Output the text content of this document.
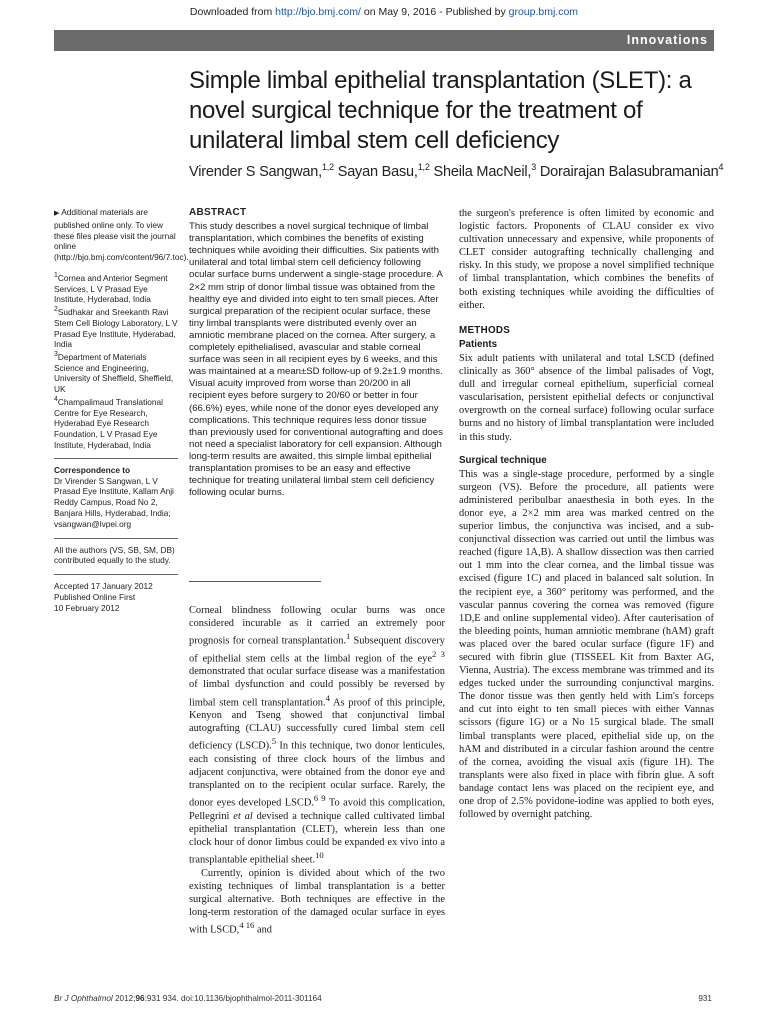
Downloaded from http://bjo.bmj.com/ on May 9, 2016 - Published by group.bmj.com
Innovations
Simple limbal epithelial transplantation (SLET): a novel surgical technique for the treatment of unilateral limbal stem cell deficiency
Virender S Sangwan,$^{1,2}$ Sayan Basu,$^{1,2}$ Sheila MacNeil,$^3$ Dorairajan Balasubramanian$^4$

▶ Additional materials are published online only. To view these files please visit the journal online (http://bjo.bmj.com/content/96/7.toc).

$^1$Cornea and Anterior Segment Services, L V Prasad Eye Institute, Hyderabad, India

$^2$Sudhakar and Sreekanth Ravi Stem Cell Biology Laboratory, L V Prasad Eye Institute, Hyderabad, India

$^3$Department of Materials Science and Engineering, University of Sheffield, Sheffield, UK

$^4$Champalimaud Translational Centre for Eye Research, Hyderabad Eye Research Foundation, L V Prasad Eye Institute, Hyderabad, India

Correspondence to

Dr Virender S Sangwan, L V Prasad Eye Institute, Kallam Anji Reddy Campus, Road No 2, Banjara Hills, Hyderabad, India; vsangwan@lvpei.org

All the authors (VS, SB, SM, DB) contributed equally to the study.

Accepted 17 January 2012

Published Online First

10 February 2012

ABSTRACT

This study describes a novel surgical technique of limbal transplantation, which combines the benefits of existing techniques while avoiding their difficulties. Six patients with unilateral and total limbal stem cell deficiency following ocular surface burns underwent a single-stage procedure. A 2×2 mm strip of donor limbal tissue was obtained from the healthy eye and divided into eight to ten small pieces. After surgical preparation of the recipient ocular surface, these tiny limbal transplants were distributed evenly over an amniotic membrane placed on the cornea. After surgery, a completely epithelialised, avascular and stable corneal surface was seen in all recipient eyes by 6 weeks, and this was maintained at a mean±SD follow-up of 9.2±1.9 months. Visual acuity improved from worse than 20/200 in all recipient eyes before surgery to 20/60 or better in four (66.6%) eyes, while none of the donor eyes developed any complications. This technique requires less donor tissue than previously used for conventional autografting and does not need a specialist laboratory for cell expansion. Although long-term results are awaited, this simple limbal epithelial transplantation promises to be an easy and effective technique for treating unilateral limbal stem cell deficiency following ocular burns.

Corneal blindness following ocular burns was once considered incurable as it carried an extremely poor prognosis for corneal transplantation.$^1$ Subsequent discovery of epithelial stem cells at the limbal region of the eye$^{2 3}$ demonstrated that ocular surface disease was a manifestation of limbal dysfunction and could possibly be reversed by limbal stem cell transplantation.$^4$ As proof of this principle, Kenyon and Tseng showed that conjunctival limbal autografting (CLAU) successfully cured limbal stem cell deficiency (LSCD).$^5$ In this technique, two donor lenticules, each consisting of three clock hours of the limbus and adjacent conjunctiva, were obtained from the donor eye and transplanted on to the recipient ocular surface. Rarely, the donor eyes developed LSCD.$^{6 9}$ To avoid this complication, Pellegrini et al devised a technique called cultivated limbal epithelial transplantation (CLET), wherein less than one clock hour of donor limbus could be expanded ex vivo into a transplantable epithelial sheet.$^{10}$

Currently, opinion is divided about which of the two existing techniques of limbal transplantation is a better surgical alternative. Both techniques are effective in the long-term restoration of the damaged ocular surface in eyes with LSCD,$^{4 16}$ and

the surgeon's preference is often limited by economic and logistic factors. Proponents of CLAU consider ex vivo cultivation unnecessary and expensive, while proponents of CLET consider autografting technically challenging and risky. In this study, we propose a novel simplified technique of limbal transplantation, which combines the benefits of both existing techniques while avoiding the difficulties of either.

METHODS
Patients

Six adult patients with unilateral and total LSCD (defined clinically as 360° absence of the limbal palisades of Vogt, dull and irregular corneal epithelium, superficial corneal vascularisation, persistent epithelial defects or conjunctival overgrowth on the corneal surface) following ocular surface burns and no history of limbal transplantation were included in this study.

Surgical technique

This was a single-stage procedure, performed by a single surgeon (VS). Before the procedure, all patients were administered peribulbar anaesthesia in both eyes. In the donor eye, a 2×2 mm area was marked centred on the superior limbus, the conjunctiva was incised, and a sub-conjunctival dissection was carried out until the limbus was reached (figure 1A,B). A shallow dissection was then carried out 1 mm into the clear cornea, and the limbal tissue was excised (figure 1C) and placed in balanced salt solution. In the recipient eye, a 360° peritomy was performed, and the vascular pannus covering the cornea was removed (figure 1D,E and online supplemental video). After cauterisation of the bleeding points, human amniotic membrane (hAM) graft was placed over the bared ocular surface (figure 1F) and secured with fibrin glue (TISSEEL Kit from Baxter AG, Vienna, Austria). The excess membrane was trimmed and its edges tucked under the surrounding conjunctival margins. The donor tissue was then gently held with Lim's forceps and cut into eight to ten small pieces with either Vannas scissors (figure 1G) or a No 15 surgical blade. The small limbal transplants were placed, epithelial side up, on the hAM and distributed in a circular fashion around the centre of the cornea, avoiding the visual axis (figure 1H). The transplants were also fixed in place with fibrin glue. A soft bandage contact lens was placed on the recipient eye, and one drop of 2.5% povidone-iodine was applied to both eyes, followed by overnight patching.

Br J Ophthalmol 2012;96:931 934. doi:10.1136/bjophthalmol-2011-301164	931
